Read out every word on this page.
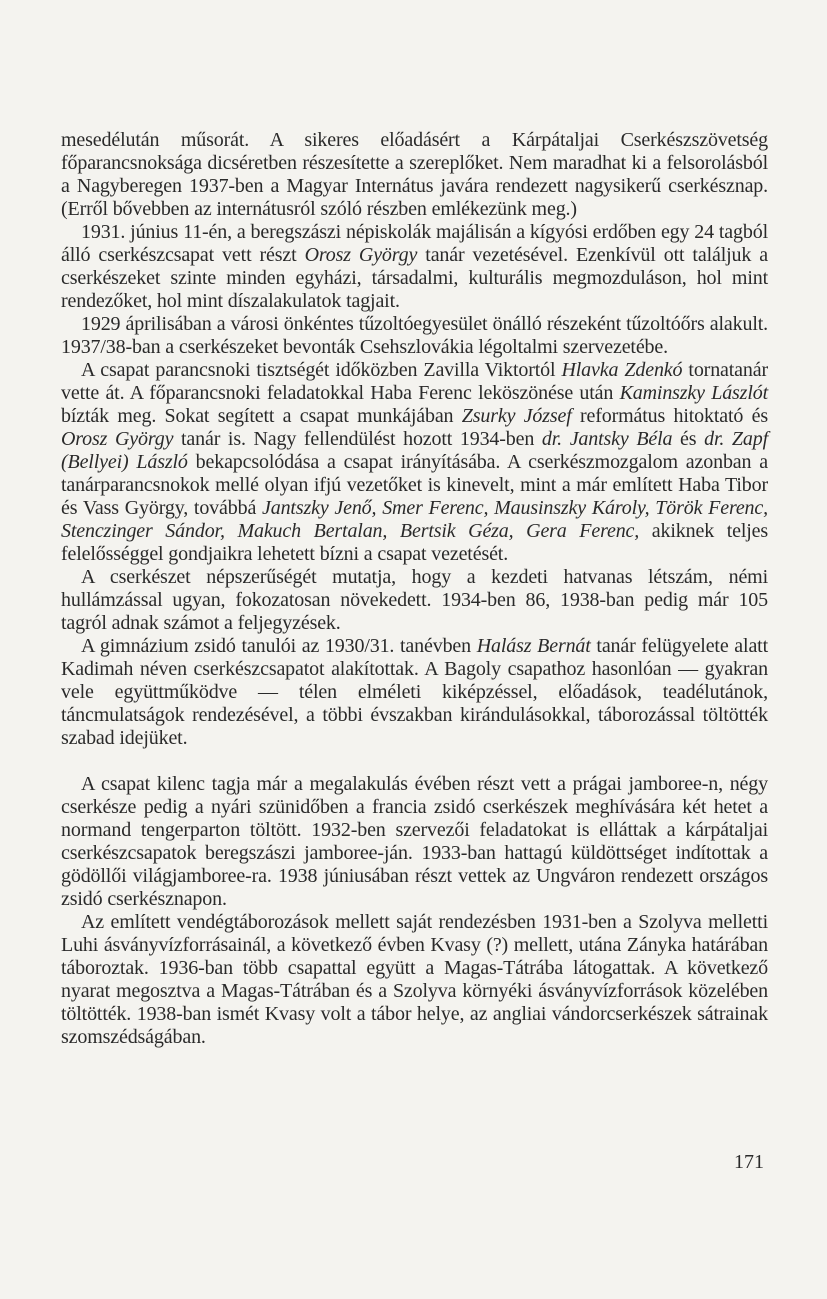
mesedélután műsorát. A sikeres előadásért a Kárpátaljai Cserkészszövetség főparancsnoksága dicséretben részesítette a szereplőket. Nem maradhat ki a felsorolásból a Nagyberegen 1937-ben a Magyar Internátus javára rendezett nagysikerű cserkésznap. (Erről bővebben az internátusról szóló részben emlékezünk meg.)

1931. június 11-én, a beregszászi népiskolák majálisán a kígyósi erdőben egy 24 tagból álló cserkészcsapat vett részt Orosz György tanár vezetésével. Ezenkívül ott találjuk a cserkészeket szinte minden egyházi, társadalmi, kulturális megmozduláson, hol mint rendezőket, hol mint díszalakulatok tagjait.

1929 áprilisában a városi önkéntes tűzoltóegyesület önálló részeként tűzoltóőrs alakult. 1937/38-ban a cserkészeket bevonták Csehszlovákia légoltalmi szervezetébe.

A csapat parancsnoki tisztségét időközben Zavilla Viktortól Hlavka Zdenkó tornatanár vette át. A főparancsnoki feladatokkal Haba Ferenc leköszönése után Kaminszky Lászlót bízták meg. Sokat segített a csapat munkájában Zsurky József református hitoktató és Orosz György tanár is. Nagy fellendülést hozott 1934-ben dr. Jantsky Béla és dr. Zapf (Bellyei) László bekapcsolódása a csapat irányításába. A cserkészmozgalom azonban a tanárparancsnokok mellé olyan ifjú vezetőket is kinevelt, mint a már említett Haba Tibor és Vass György, továbbá Jantszky Jenő, Smer Ferenc, Mausinszky Károly, Török Ferenc, Stenczinger Sándor, Makuch Bertalan, Bertsik Géza, Gera Ferenc, akiknek teljes felelősséggel gondjaikra lehetett bízni a csapat vezetését.

A cserkészet népszerűségét mutatja, hogy a kezdeti hatvanas létszám, némi hullámzással ugyan, fokozatosan növekedett. 1934-ben 86, 1938-ban pedig már 105 tagról adnak számot a feljegyzések.

A gimnázium zsidó tanulói az 1930/31. tanévben Halász Bernát tanár felügyelete alatt Kadimah néven cserkészcsapatot alakítottak. A Bagoly csapathoz hasonlóan — gyakran vele együttműködve — télen elméleti kiképzéssel, előadások, teadélutánok, táncmulatságok rendezésével, a többi évszakban kirándulásokkal, táborozással töltötték szabad idejüket.

A csapat kilenc tagja már a megalakulás évében részt vett a prágai jamboree-n, négy cserkésze pedig a nyári szünidőben a francia zsidó cserkészek meghívására két hetet a normand tengerparton töltött. 1932-ben szervezői feladatokat is elláttak a kárpátaljai cserkészcsapatok beregszászi jamboree-ján. 1933-ban hattagú küldöttséget indítottak a gödöllői világjamboree-ra. 1938 júniusában részt vettek az Ungváron rendezett országos zsidó cserkésznapon.

Az említett vendégtáborozások mellett saját rendezésben 1931-ben a Szolyva melletti Luhi ásványvízforrásainál, a következő évben Kvasy (?) mellett, utána Zányka határában táboroztak. 1936-ban több csapattal együtt a Magas-Tátrába látogattak. A következő nyarat megosztva a Magas-Tátrában és a Szolyva környéki ásványvízforrások közelében töltötték. 1938-ban ismét Kvasy volt a tábor helye, az angliai vándorcserkészek sátrainak szomszédságában.

171
